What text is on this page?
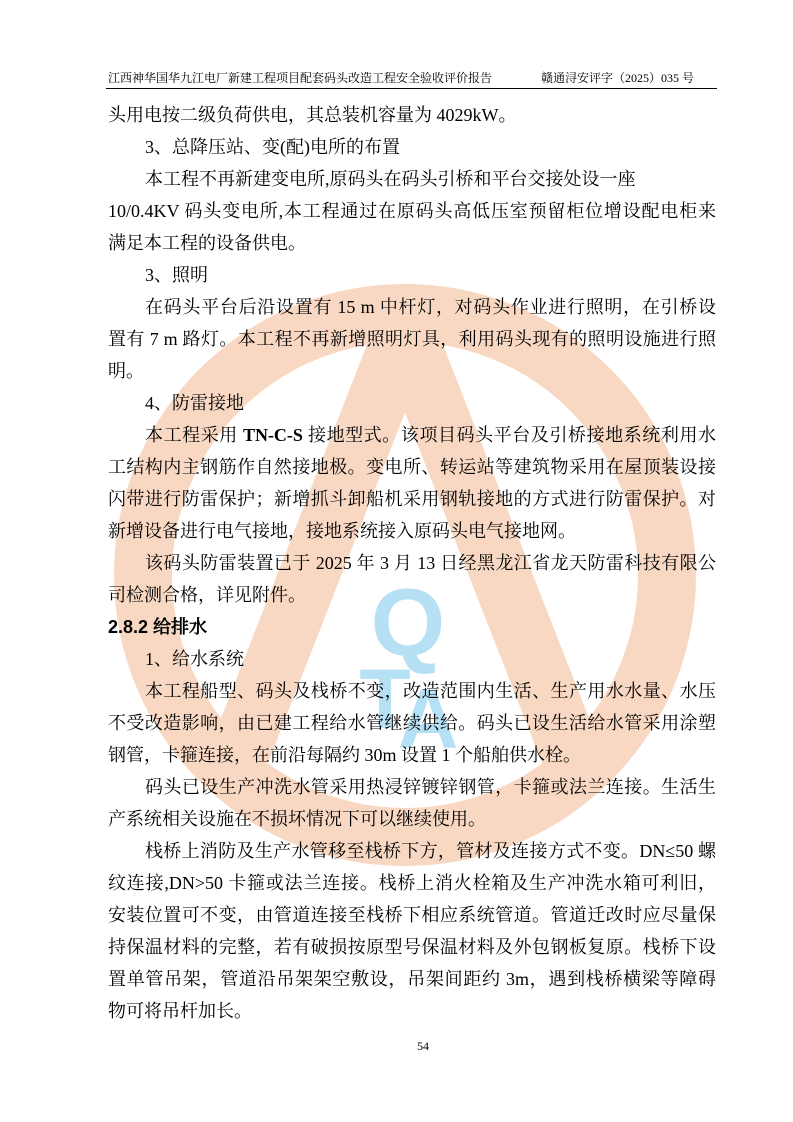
Q
T
A
江西神华国华九江电厂新建工程项目配套码头改造工程安全验收评价报告	赣通浔安评字（2025）035 号
头用电按二级负荷供电，其总装机容量为 4029kW。
3、总降压站、变(配)电所的布置
本工程不再新建变电所,原码头在码头引桥和平台交接处设一座
10/0.4KV 码头变电所,本工程通过在原码头高低压室预留柜位增设配电柜来
满足本工程的设备供电。
3、照明
在码头平台后沿设置有 15 m 中杆灯，对码头作业进行照明，在引桥设
置有 7 m 路灯。本工程不再新增照明灯具，利用码头现有的照明设施进行照
明。
4、防雷接地
本工程采用 TN-C-S 接地型式。该项目码头平台及引桥接地系统利用水
工结构内主钢筋作自然接地极。变电所、转运站等建筑物采用在屋顶装设接
闪带进行防雷保护；新增抓斗卸船机采用钢轨接地的方式进行防雷保护。对
新增设备进行电气接地，接地系统接入原码头电气接地网。
该码头防雷装置已于 2025 年 3 月 13 日经黑龙江省龙天防雷科技有限公
司检测合格，详见附件。
2.8.2 给排水
1、给水系统
本工程船型、码头及栈桥不变，改造范围内生活、生产用水水量、水压
不受改造影响，由已建工程给水管继续供给。码头已设生活给水管采用涂塑
钢管，卡箍连接，在前沿每隔约 30m 设置 1 个船舶供水栓。
码头已设生产冲洗水管采用热浸锌镀锌钢管，卡箍或法兰连接。生活生
产系统相关设施在不损坏情况下可以继续使用。
栈桥上消防及生产水管移至栈桥下方，管材及连接方式不变。DN≤50 螺
纹连接,DN>50 卡箍或法兰连接。栈桥上消火栓箱及生产冲洗水箱可利旧，
安装位置可不变，由管道连接至栈桥下相应系统管道。管道迁改时应尽量保
持保温材料的完整，若有破损按原型号保温材料及外包钢板复原。栈桥下设
置单管吊架，管道沿吊架架空敷设，吊架间距约 3m，遇到栈桥横梁等障碍
物可将吊杆加长。
54
